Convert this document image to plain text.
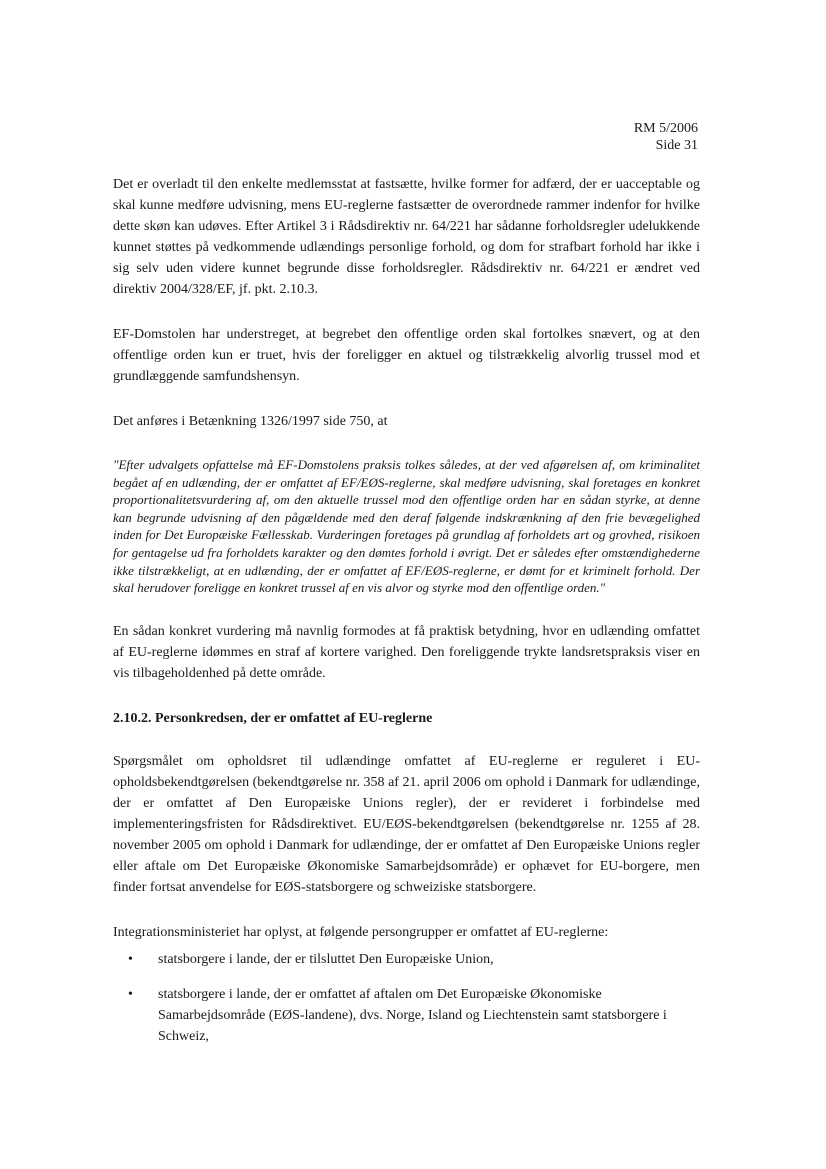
RM 5/2006
Side 31

Det er overladt til den enkelte medlemsstat at fastsætte, hvilke former for adfærd, der er uacceptable og skal kunne medføre udvisning, mens EU-reglerne fastsætter de overordnede rammer indenfor for hvilke dette skøn kan udøves. Efter Artikel 3 i Rådsdirektiv nr. 64/221 har sådanne forholdsregler udelukkende kunnet støttes på vedkommende udlændings personlige forhold, og dom for strafbart forhold har ikke i sig selv uden videre kunnet begrunde disse forholdsregler. Rådsdirektiv nr. 64/221 er ændret ved direktiv 2004/328/EF, jf. pkt. 2.10.3.

EF-Domstolen har understreget, at begrebet den offentlige orden skal fortolkes snævert, og at den offentlige orden kun er truet, hvis der foreligger en aktuel og tilstrækkelig alvorlig trussel mod et grundlæggende samfundshensyn.

Det anføres i Betænkning 1326/1997 side 750, at

"Efter udvalgets opfattelse må EF-Domstolens praksis tolkes således, at der ved afgørelsen af, om kriminalitet begået af en udlænding, der er omfattet af EF/EØS-reglerne, skal medføre udvisning, skal foretages en konkret proportionalitetsvurdering af, om den aktuelle trussel mod den offentlige orden har en sådan styrke, at denne kan begrunde udvisning af den pågældende med den deraf følgende indskrænkning af den frie bevægelighed inden for Det Europæiske Fællesskab. Vurderingen foretages på grundlag af forholdets art og grovhed, risikoen for gentagelse ud fra forholdets karakter og den dømtes forhold i øvrigt. Det er således efter omstændighederne ikke tilstrækkeligt, at en udlænding, der er omfattet af EF/EØS-reglerne, er dømt for et kriminelt forhold. Der skal herudover foreligge en konkret trussel af en vis alvor og styrke mod den offentlige orden."

En sådan konkret vurdering må navnlig formodes at få praktisk betydning, hvor en udlænding omfattet af EU-reglerne idømmes en straf af kortere varighed. Den foreliggende trykte landsretspraksis viser en vis tilbageholdenhed på dette område.

2.10.2. Personkredsen, der er omfattet af EU-reglerne

Spørgsmålet om opholdsret til udlændinge omfattet af EU-reglerne er reguleret i EU-opholdsbekendtgørelsen (bekendtgørelse nr. 358 af 21. april 2006 om ophold i Danmark for udlændinge, der er omfattet af Den Europæiske Unions regler), der er revideret i forbindelse med implementeringsfristen for Rådsdirektivet. EU/EØS-bekendtgørelsen (bekendtgørelse nr. 1255 af 28. november 2005 om ophold i Danmark for udlændinge, der er omfattet af Den Europæiske Unions regler eller aftale om Det Europæiske Økonomiske Samarbejdsområde) er ophævet for EU-borgere, men finder fortsat anvendelse for EØS-statsborgere og schweiziske statsborgere.

Integrationsministeriet har oplyst, at følgende persongrupper er omfattet af EU-reglerne:

• statsborgere i lande, der er tilsluttet Den Europæiske Union,
• statsborgere i lande, der er omfattet af aftalen om Det Europæiske Økonomiske Samarbejdsområde (EØS-landene), dvs. Norge, Island og Liechtenstein samt statsborgere i Schweiz,
